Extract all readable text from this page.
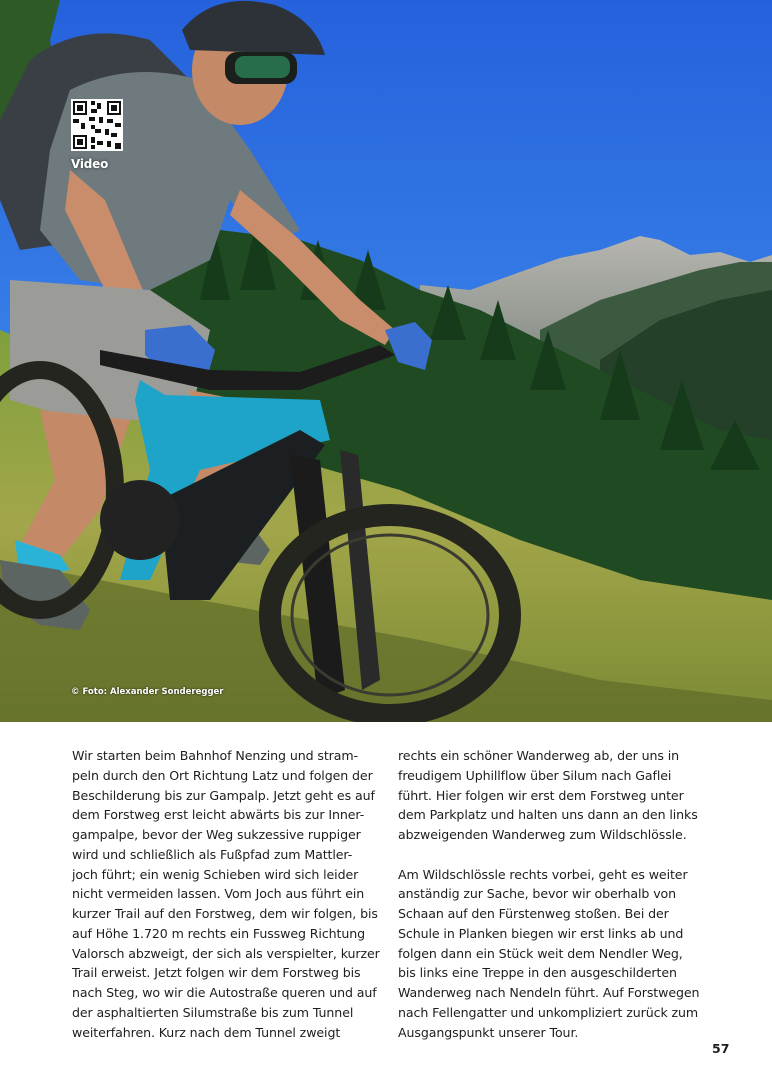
Video
© Foto: Alexander Sonderegger

Wir starten beim Bahnhof Nenzing und stram-

peln durch den Ort Richtung Latz und folgen der

Beschilderung bis zur Gampalp. Jetzt geht es auf

dem Forstweg erst leicht abwärts bis zur Inner-

gampalpe, bevor der Weg sukzessive ruppiger

wird und schließlich als Fußpfad zum Mattler-

joch führt; ein wenig Schieben wird sich leider

nicht vermeiden lassen. Vom Joch aus führt ein

kurzer Trail auf den Forstweg, dem wir folgen, bis

auf Höhe 1.720 m rechts ein Fussweg Richtung

Valorsch abzweigt, der sich als verspielter, kurzer

Trail erweist. Jetzt folgen wir dem Forstweg bis

nach Steg, wo wir die Autostraße queren und auf

der asphaltierten Silumstraße bis zum Tunnel

weiterfahren. Kurz nach dem Tunnel zweigt

rechts ein schöner Wanderweg ab, der uns in

freudigem Uphillflow über Silum nach Gaflei

führt. Hier folgen wir erst dem Forstweg unter

dem Parkplatz und halten uns dann an den links

abzweigenden Wanderweg zum Wildschlössle.

Am Wildschlössle rechts vorbei, geht es weiter

anständig zur Sache, bevor wir oberhalb von

Schaan auf den Fürstenweg stoßen. Bei der

Schule in Planken biegen wir erst links ab und

folgen dann ein Stück weit dem Nendler Weg,

bis links eine Treppe in den ausgeschilderten

Wanderweg nach Nendeln führt. Auf Forstwegen

nach Fellengatter und unkompliziert zurück zum

Ausgangspunkt unserer Tour.

57
